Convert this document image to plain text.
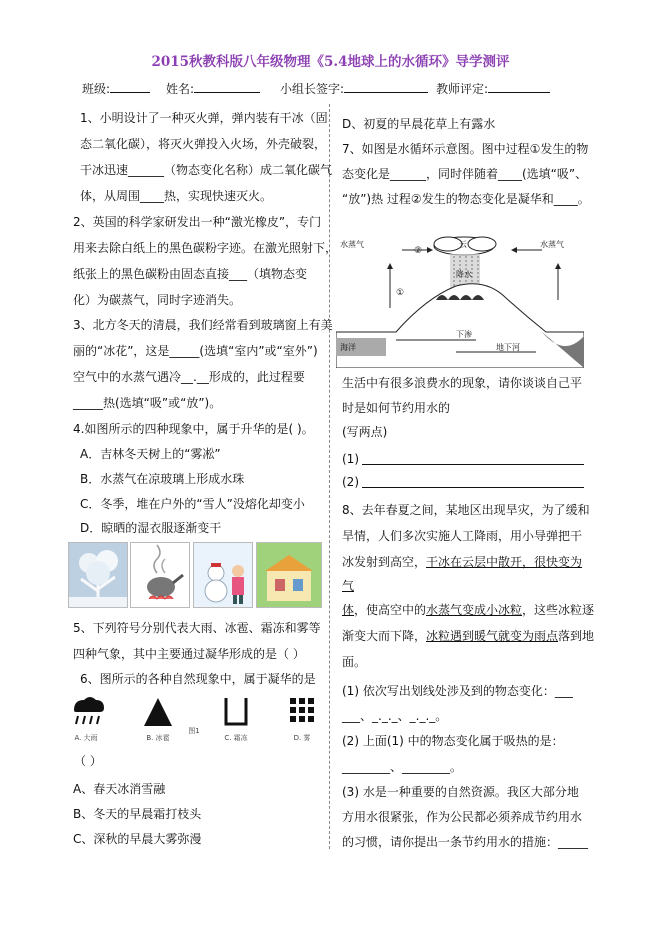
2015秋教科版八年级物理《5.4地球上的水循环》导学测评
班级:	姓名:	小组长签字:	教师评定:
1、小明设计了一种灭火弹，弹内装有干冰（固
态二氧化碳），将灭火弹投入火场，外壳破裂，
干冰迅速______（物态变化名称）成二氧化碳气
体，从周围____热，实现快速灭火。
2、英国的科学家研发出一种“激光橡皮”，专门
用来去除白纸上的黑色碳粉字迹。在激光照射下，
纸张上的黑色碳粉由固态直接___（填物态变
化）为碳蒸气，同时字迹消失。
3、北方冬天的清晨，我们经常看到玻璃窗上有美
丽的“冰花”，这是_____(选填“室内”或“室外”)
空气中的水蒸气遇冷__.__形成的，此过程要
_____热(选填“吸”或“放”)。
4.如图所示的四种现象中，属于升华的是( )。
A．吉林冬天树上的“雾凇”
B．水蒸气在凉玻璃上形成水珠
C．冬季，堆在户外的“雪人”没熔化却变小
D．晾晒的湿衣服逐渐变干
5、下列符号分别代表大雨、冰雹、霜冻和雾等
四种气象，其中主要通过凝华形成的是（ ）
6、图所示的各种自然现象中，属于凝华的是
A. 大雨	B. 冰雹
图1
C. 霜冻	D. 雾
（ ）
A、春天冰消雪融
B、冬天的早晨霜打枝头
C、深秋的早晨大雾弥漫
D、初夏的早晨花草上有露水
7、如图是水循环示意图。图中过程①发生的物
态变化是______，同时伴随着____(选填“吸”、
“放”)热 过程②发生的物态变化是凝华和____。
水蒸气	水蒸气
云
降水
海洋
下渗
地下河
①
②
生活中有很多浪费水的现象，请你谈谈自己平
时是如何节约用水的
(写两点)
(1)
(2)
8、去年春夏之间，某地区出现旱灾，为了缓和
旱情，人们多次实施人工降雨，用小导弹把干
冰发射到高空，干冰在云层中散开，很快变为
气
体，使高空中的水蒸气变成小冰粒，这些冰粒逐
渐变大而下降，冰粒遇到暖气就变为雨点落到地
面。
(1) 依次写出划线处涉及到的物态变化：___
___、_._._、_._._。
(2) 上面(1) 中的物态变化属于吸热的是：
________、________。
(3) 水是一种重要的自然资源。我区大部分地
方用水很紧张，作为公民都必须养成节约用水
的习惯，请你提出一条节约用水的措施：_____
